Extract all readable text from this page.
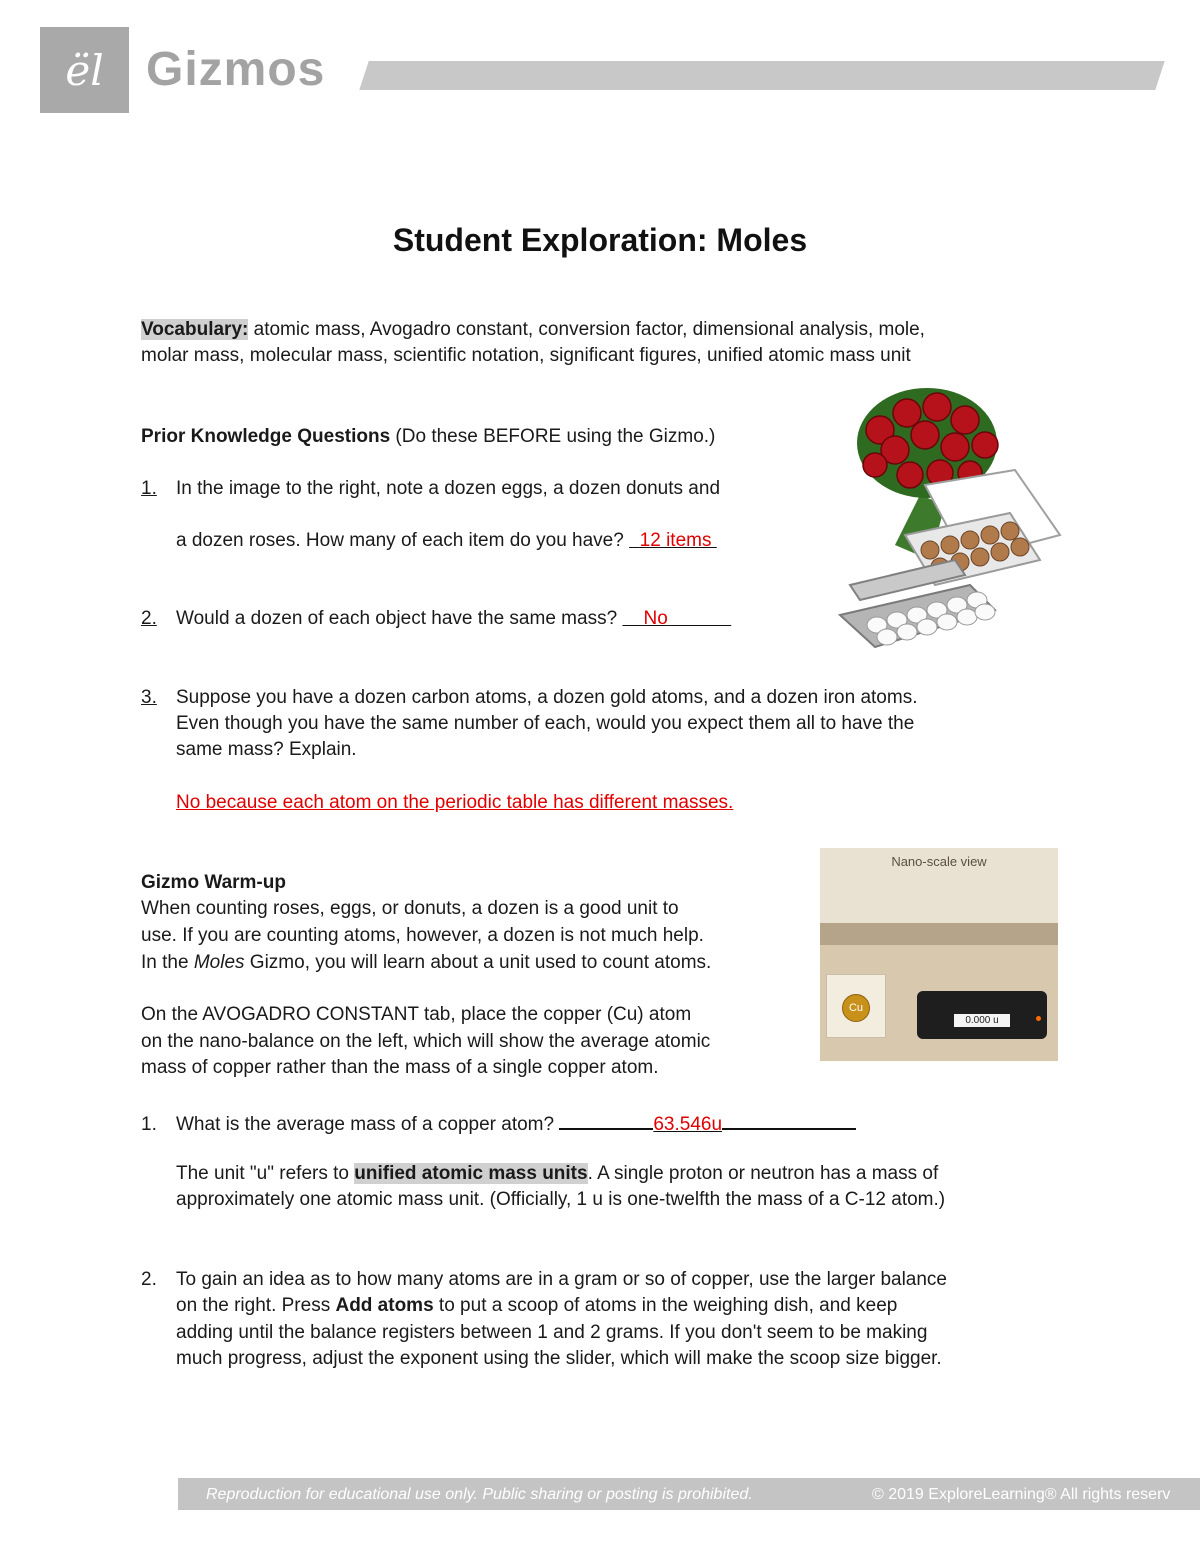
ël Gizmos
Student Exploration: Moles
Vocabulary: atomic mass, Avogadro constant, conversion factor, dimensional analysis, mole,
molar mass, molecular mass, scientific notation, significant figures, unified atomic mass unit
Prior Knowledge Questions (Do these BEFORE using the Gizmo.)
1. In the image to the right, note a dozen eggs, a dozen donuts and
a dozen roses. How many of each item do you have?   12 items
2. Would a dozen of each object have the same mass?     No
3. Suppose you have a dozen carbon atoms, a dozen gold atoms, and a dozen iron atoms.
Even though you have the same number of each, would you expect them all to have the
same mass? Explain.
No because each atom on the periodic table has different masses.
Gizmo Warm-up
When counting roses, eggs, or donuts, a dozen is a good unit to
use. If you are counting atoms, however, a dozen is not much help.
In the Moles Gizmo, you will learn about a unit used to count atoms.
On the AVOGADRO CONSTANT tab, place the copper (Cu) atom
on the nano-balance on the left, which will show the average atomic
mass of copper rather than the mass of a single copper atom.
Nano-scale view
Cu
0.000 u
1. What is the average mass of a copper atom?	63.546u
The unit "u" refers to unified atomic mass units. A single proton or neutron has a mass of
approximately one atomic mass unit. (Officially, 1 u is one-twelfth the mass of a C-12 atom.)
2. To gain an idea as to how many atoms are in a gram or so of copper, use the larger balance
on the right. Press Add atoms to put a scoop of atoms in the weighing dish, and keep
adding until the balance registers between 1 and 2 grams. If you don't seem to be making
much progress, adjust the exponent using the slider, which will make the scoop size bigger.
Reproduction for educational use only. Public sharing or posting is prohibited.	© 2019 ExploreLearning® All rights reserv
